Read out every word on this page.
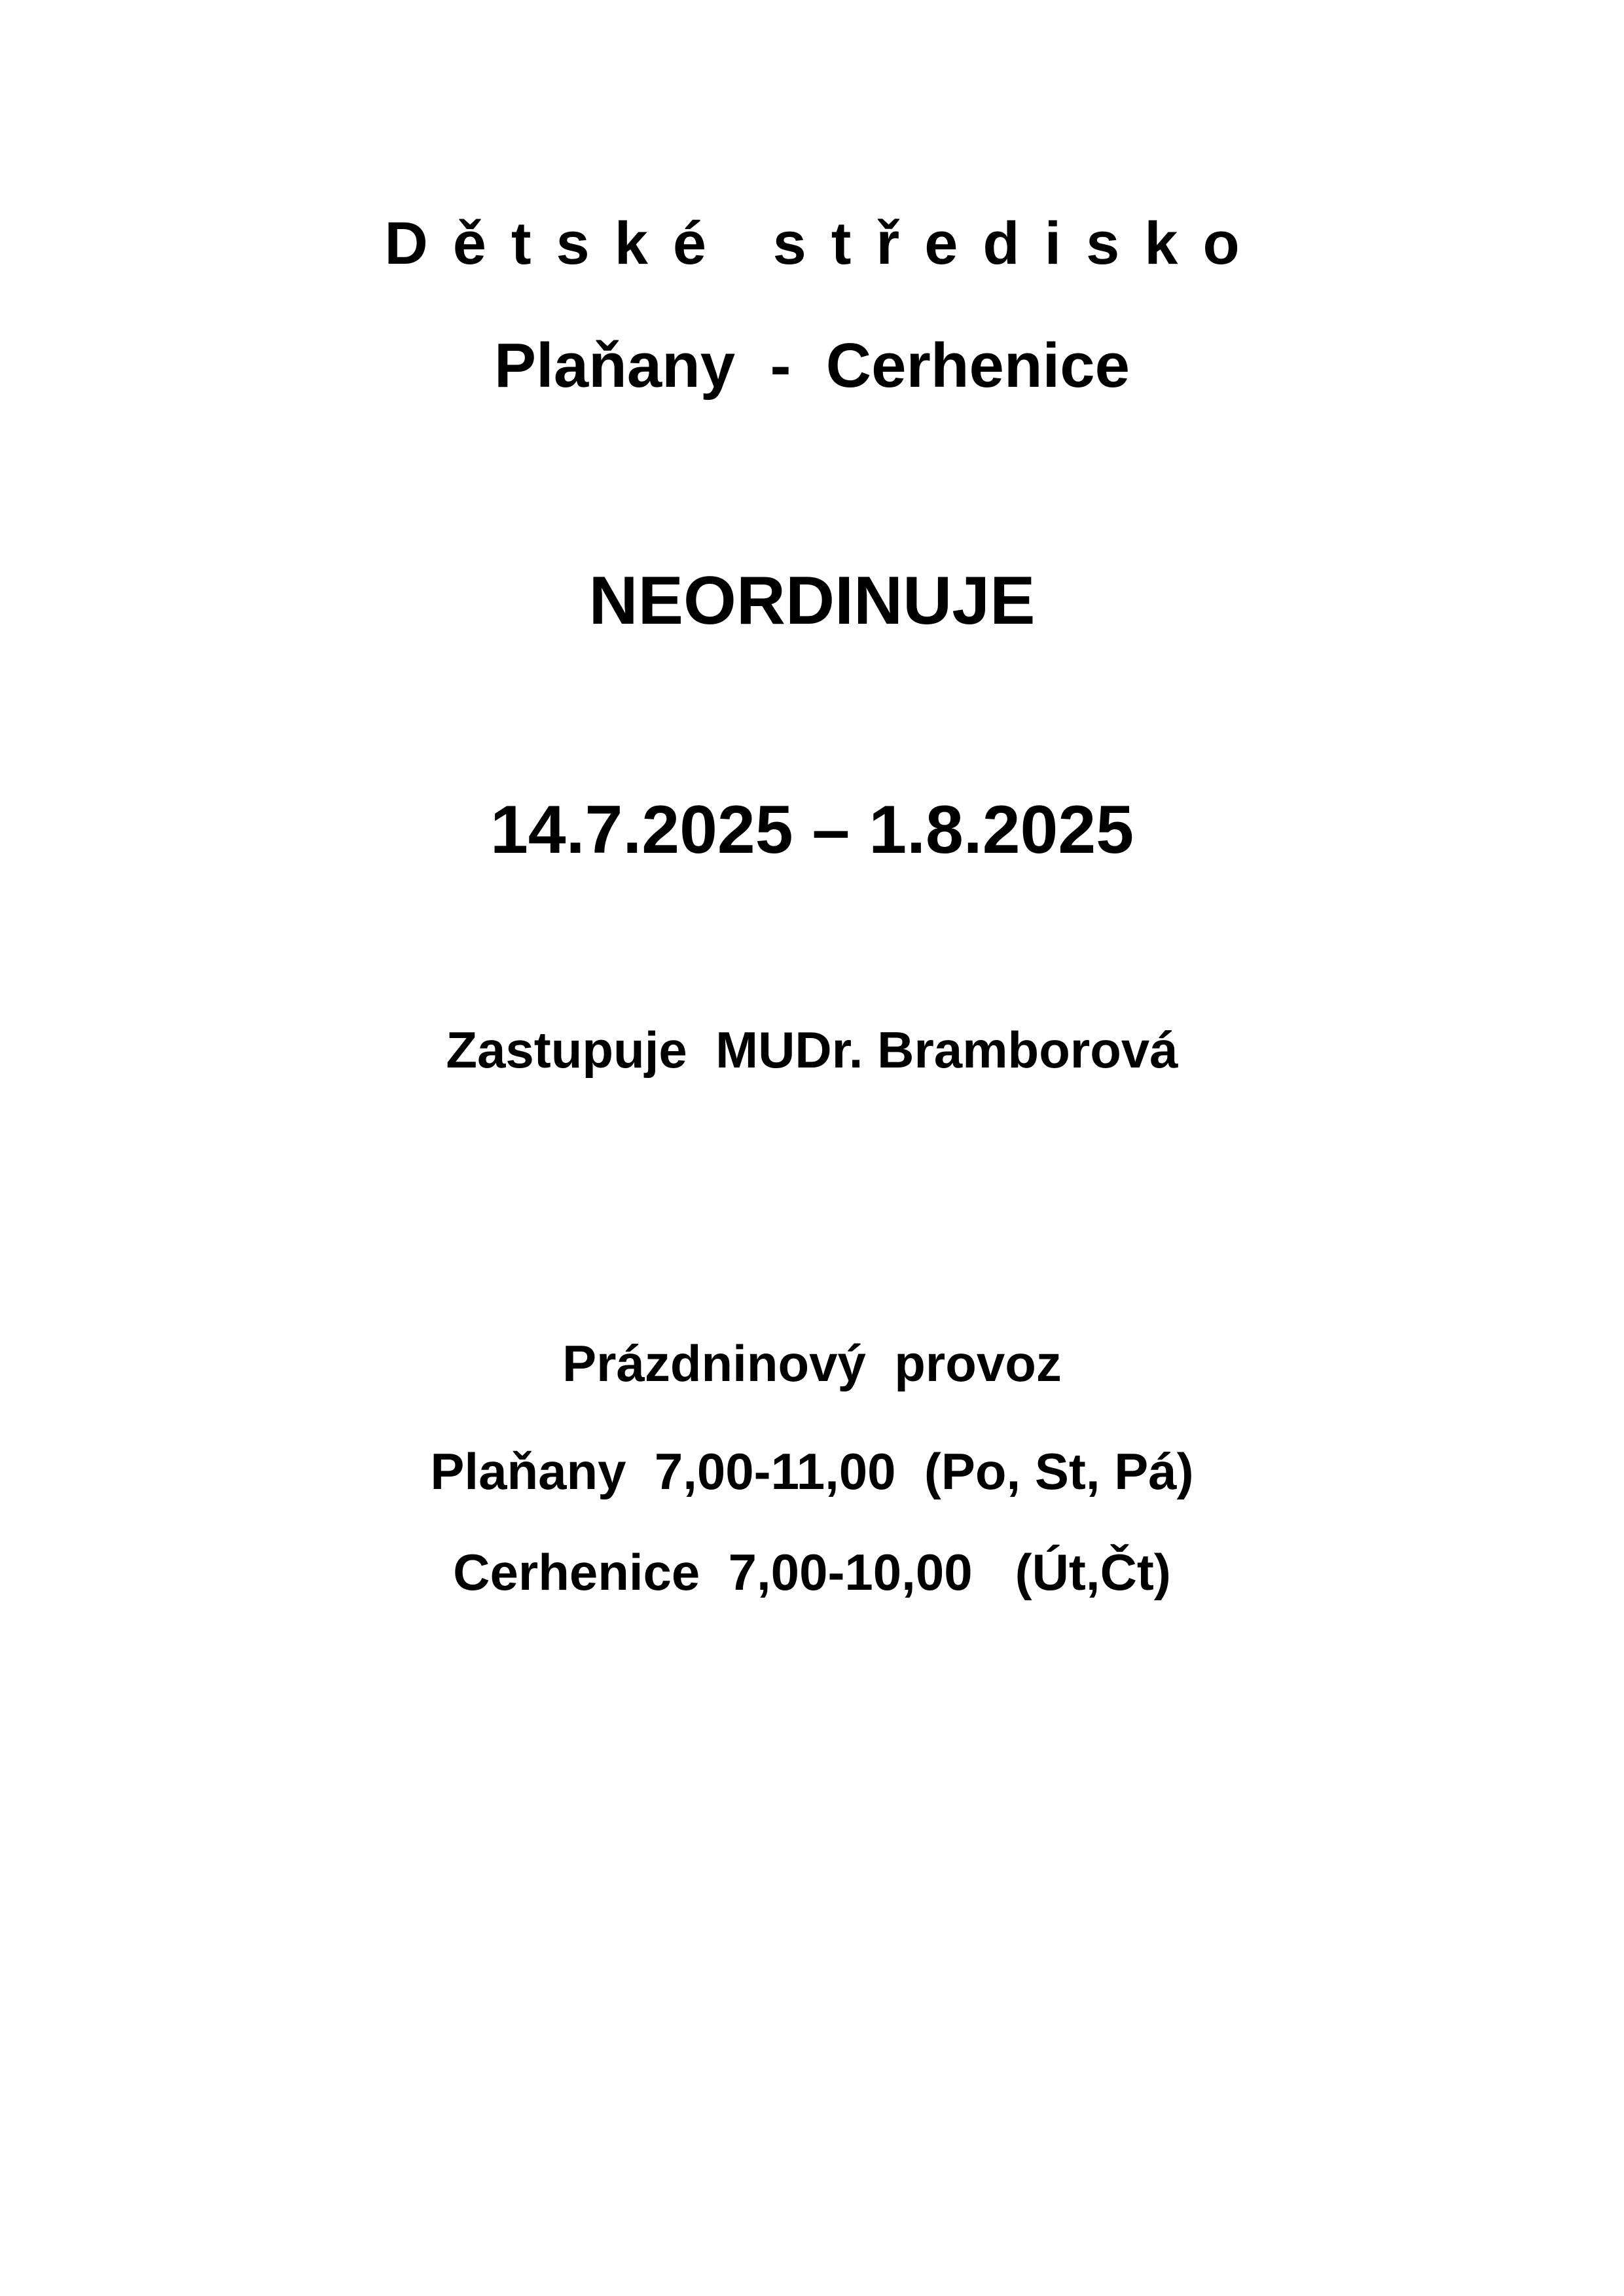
Dětské středisko
Plaňany  -  Cerhenice
NEORDINUJE
14.7.2025 – 1.8.2025
Zastupuje  MUDr. Bramborová
Prázdninový  provoz
Plaňany  7,00-11,00  (Po, St, Pá)
Cerhenice  7,00-10,00   (Út,Čt)
